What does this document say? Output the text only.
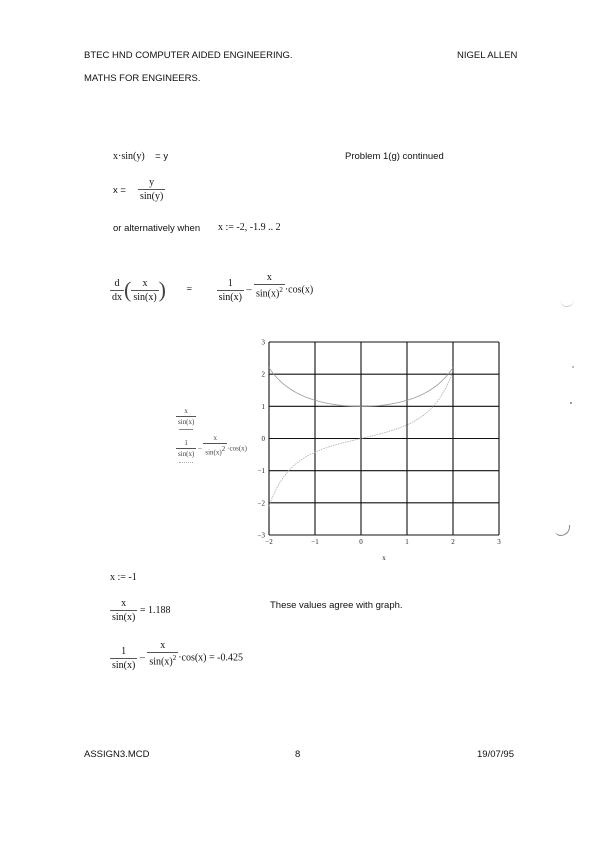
BTEC HND COMPUTER AIDED ENGINEERING.	NIGEL ALLEN
MATHS FOR ENGINEERS.
Problem 1(g) continued
x·sin(y) = y
$x = \frac{y}{\sin(y)}$
or alternatively when x := -2, -1.9 .. 2
$\frac{d}{dx}$ ( $\frac{x}{\sin(x)}$ ) = $\frac{1}{\sin(x)} - \frac{x}{\sin(x)^2} \cdot\cos(x)$
$\frac{x}{\sin(x)}$
$\frac{1}{\sin(x)} - \frac{x}{\sin(x)2} \cdot\cos(x)$
3
2
1
0
−1
−2
−3
−2	−1	0	1	2	3
x
x := -1
$\frac{x}{\sin(x)} = 1.188$	These values agree with graph.
$\frac{1}{\sin(x)} - \frac{x}{\sin(x)^2} \cdot\cos(x) = -0.425$
ASSIGN3.MCD	8	19/07/95
